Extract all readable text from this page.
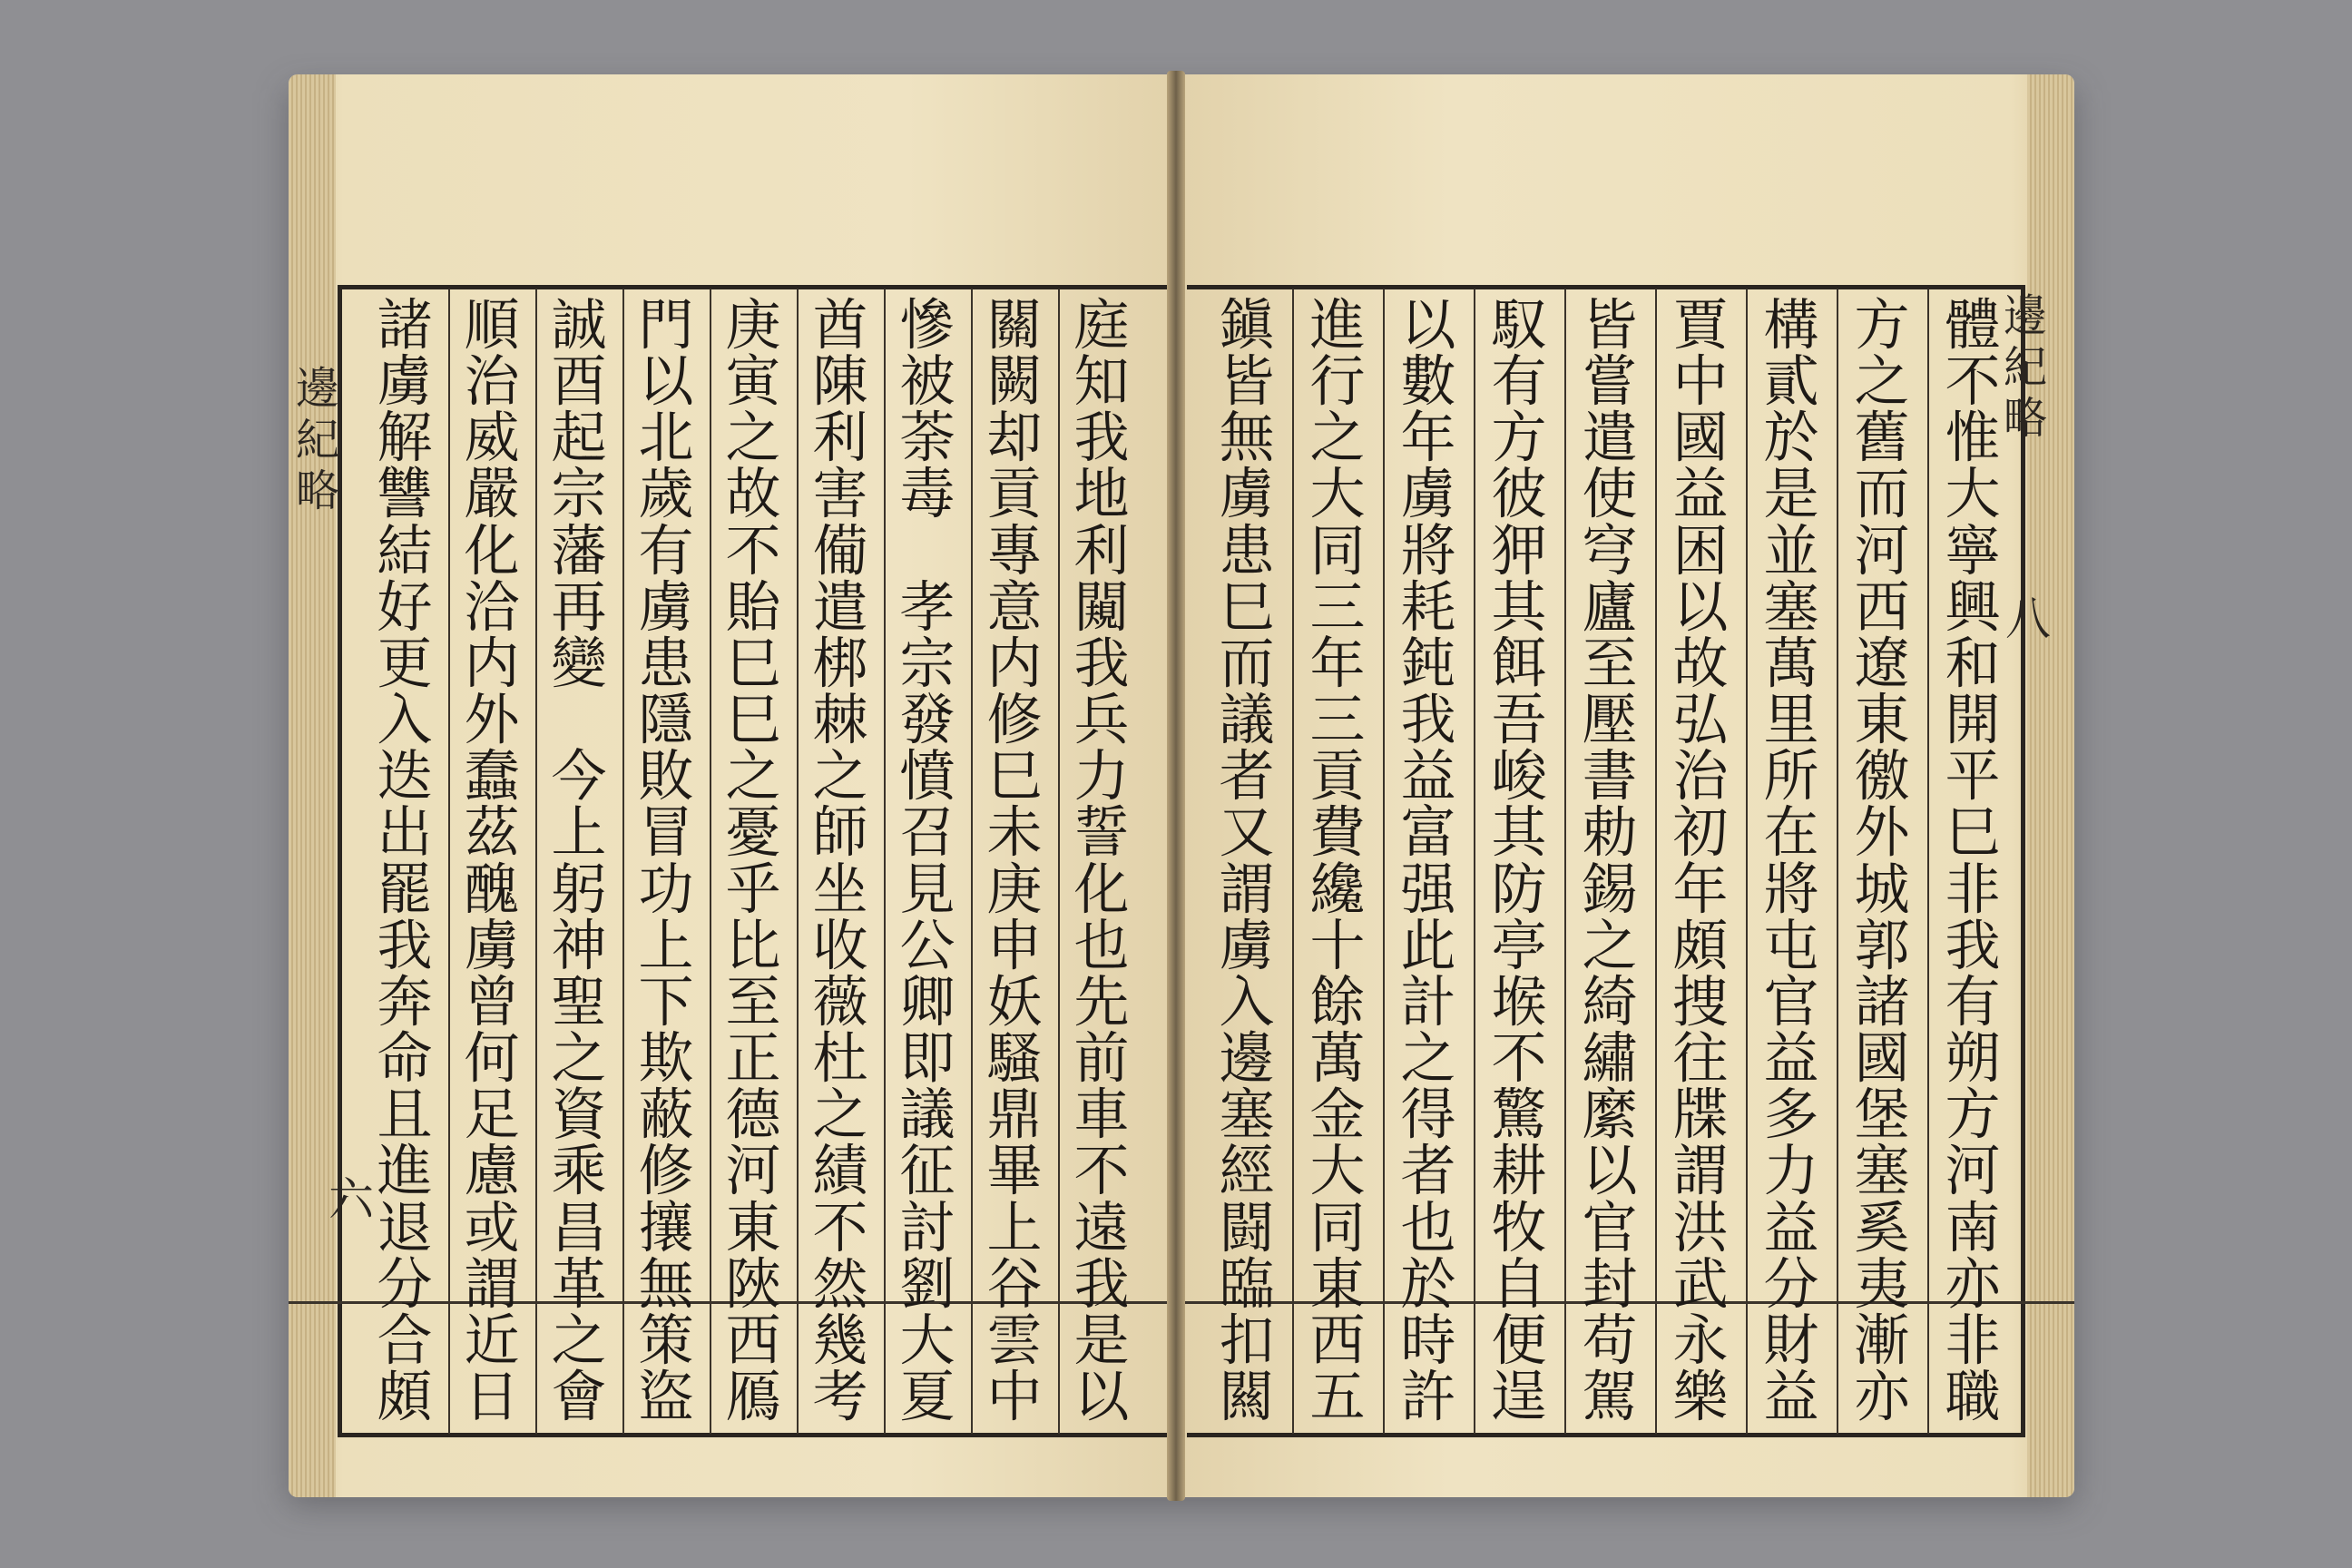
邊紀略
六
諸
虜
解
讐
結
好
更
入
迭
出
罷
我
奔
命
且
進
退
分
合
頗
順
治
威
嚴
化
洽
内
外
蠢
茲
醜
虜
曾
何
足
慮
或
謂
近
日
誠
酉
起
宗
藩
再
變

今
上
躬
神
聖
之
資
乘
昌
革
之
會
門
以
北
歲
有
虜
患
隱
敗
冒
功
上
下
欺
蔽
修
攘
無
策
盜
庚
寅
之
故
不
貽
巳
巳
之
憂
乎
比
至
正
德
河
東
陜
西
鴈
酋
陳
利
害
僃
遣
梆
棘
之
師
坐
收
薇
杜
之
績
不
然
幾
考
慘
被
荼
毒

孝
宗
發
憤
召
見
公
卿
即
議
征
討
劉
大
夏
關
闕
却
貢
專
意
内
修
巳
未
庚
申
妖
騷
鼎
畢
上
谷
雲
中
庭
知
我
地
利
闚
我
兵
力
誓
化
也
先
前
車
不
遠
我
是
以
邊紀略
八
鎭
皆
無
虜
患
巳
而
議
者
又
謂
虜
入
邊
塞
經
闘
臨
扣
闗
進
行
之
大
同
三
年
三
貢
費
纔
十
餘
萬
金
大
同
東
西
五
以
數
年
虜
將
耗
鈍
我
益
富
强
此
計
之
得
者
也
於
時
許
馭
有
方
彼
狎
其
餌
吾
峻
其
防
亭
堠
不
驚
耕
牧
自
便
逞
皆
嘗
遣
使
穹
廬
至
壓
書
勅
錫
之
綺
繡
縻
以
官
封
苟
駕
賈
中
國
益
困
以
故
弘
治
初
年
頗
捜
往
牒
謂
洪
武
永
樂
構
貳
於
是
並
塞
萬
里
所
在
將
屯
官
益
多
力
益
分
財
益
方
之
舊
而
河
西
遼
東
徼
外
城
郭
諸
國
堡
塞
奚
夷
漸
亦
體
不
惟
大
寧
興
和
開
平
巳
非
我
有
朔
方
河
南
亦
非
職
